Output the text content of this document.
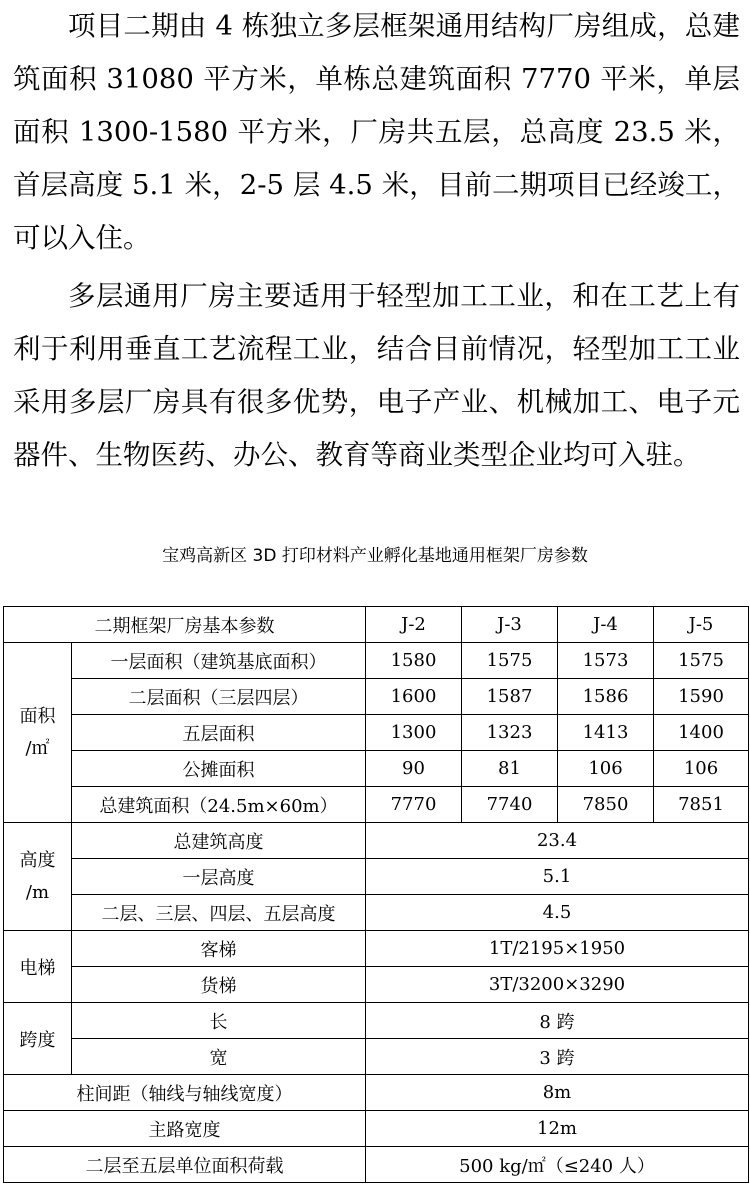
项目二期由 4 栋独立多层框架通用结构厂房组成，总建筑面积 31080 平方米，单栋总建筑面积 7770 平米，单层面积 1300-1580 平方米，厂房共五层，总高度 23.5 米，首层高度 5.1 米，2-5 层 4.5 米，目前二期项目已经竣工，可以入住。

多层通用厂房主要适用于轻型加工工业，和在工艺上有利于利用垂直工艺流程工业，结合目前情况，轻型加工工业采用多层厂房具有很多优势，电子产业、机械加工、电子元器件、生物医药、办公、教育等商业类型企业均可入驻。

宝鸡高新区 3D 打印材料产业孵化基地通用框架厂房参数
二期框架厂房基本参数		J-2	J-3	J-4	J-5
面积
/㎡	一层面积（建筑基底面积）	1580	1575	1573	1575
	二层面积（三层四层）	1600	1587	1586	1590
	五层面积	1300	1323	1413	1400
	公摊面积	90	81	106	106
	总建筑面积（24.5m×60m）	7770	7740	7850	7851
高度
/m	总建筑高度	23.4			
	一层高度	5.1			
	二层、三层、四层、五层高度	4.5			
电梯	客梯	1T/2195×1950			
	货梯	3T/3200×3290			
跨度	长	8 跨			
	宽	3 跨			
柱间距（轴线与轴线宽度）		8m			
主路宽度		12m			
二层至五层单位面积荷载		500 kg/㎡（≤240 人）			
